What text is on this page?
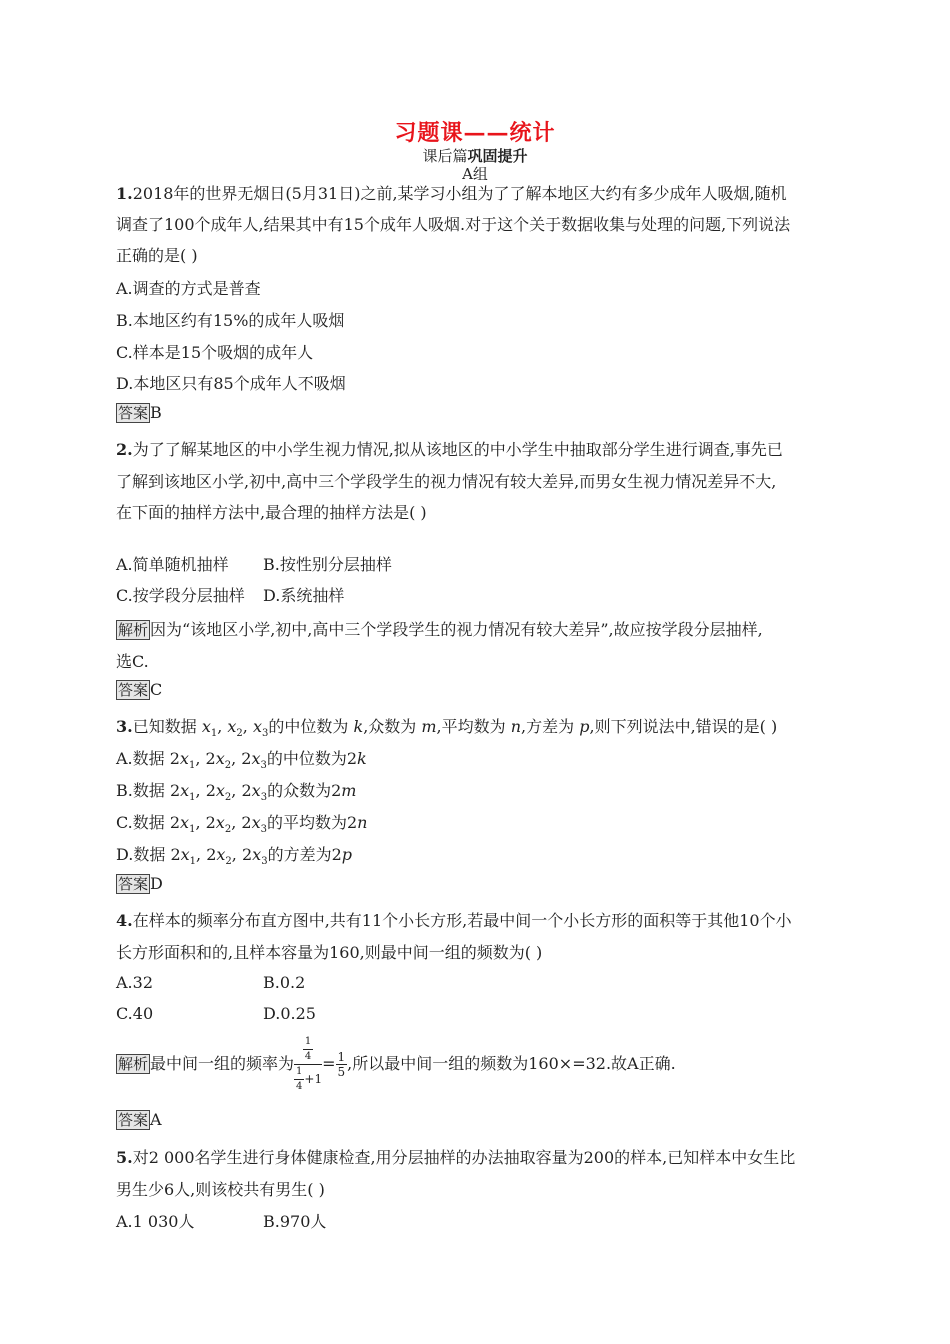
习题课——统计
课后篇巩固提升
A组
1.2018年的世界无烟日(5月31日)之前,某学习小组为了了解本地区大约有多少成年人吸烟,随机
调查了100个成年人,结果其中有15个成年人吸烟.对于这个关于数据收集与处理的问题,下列说法
正确的是( )
A.调查的方式是普查
B.本地区约有15%的成年人吸烟
C.样本是15个吸烟的成年人
D.本地区只有85个成年人不吸烟
答案 B
2.为了了解某地区的中小学生视力情况,拟从该地区的中小学生中抽取部分学生进行调查,事先已
了解到该地区小学,初中,高中三个学段学生的视力情况有较大差异,而男女生视力情况差异不大,
在下面的抽样方法中,最合理的抽样方法是( )
A.简单随机抽样 B.按性别分层抽样
C.按学段分层抽样 D.系统抽样
解析 因为“该地区小学,初中,高中三个学段学生的视力情况有较大差异”,故应按学段分层抽样,
选C.
答案 C
3.已知数据 $x_1$, $x_2$, $x_3$的中位数为 k,众数为 m,平均数为 n,方差为 p,则下列说法中,错误的是( )
A.数据 $2x_1$, $2x_2$, $2x_3$的中位数为2k
B.数据 $2x_1$, $2x_2$, $2x_3$的众数为2m
C.数据 $2x_1$, $2x_2$, $2x_3$的平均数为2n
D.数据 $2x_1$, $2x_2$, $2x_3$的方差为2p
答案 D
4.在样本的频率分布直方图中,共有11个小长方形,若最中间一个小长方形的面积等于其他10个小
长方形面积和的,且样本容量为160,则最中间一组的频数为( )
A.32	B.0.2
C.40	D.0.25
解析 最中间一组的频率为 $\frac{\frac{1}{4}}{\frac{1}{4} +1} = \frac{1}{5}$ ,所以最中间一组的频数为160×=32.故A正确.
答案 A
5.对2 000名学生进行身体健康检查,用分层抽样的办法抽取容量为200的样本,已知样本中女生比
男生少6人,则该校共有男生( )
A.1 030人	B.970人
